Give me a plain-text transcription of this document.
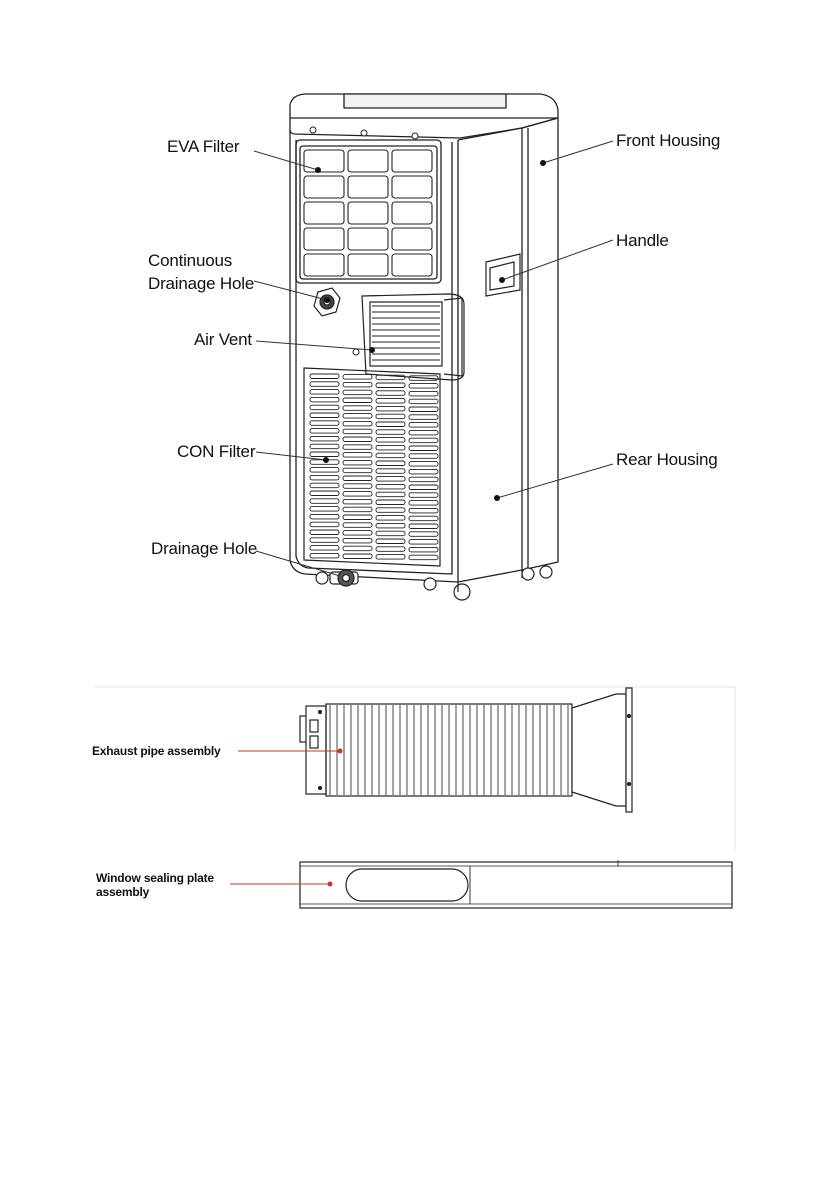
EVA Filter
Continuous Drainage Hole
Air Vent
CON Filter
Drainage Hole
Front Housing
Handle
Rear Housing
Exhaust pipe assembly
Window sealing plate assembly
